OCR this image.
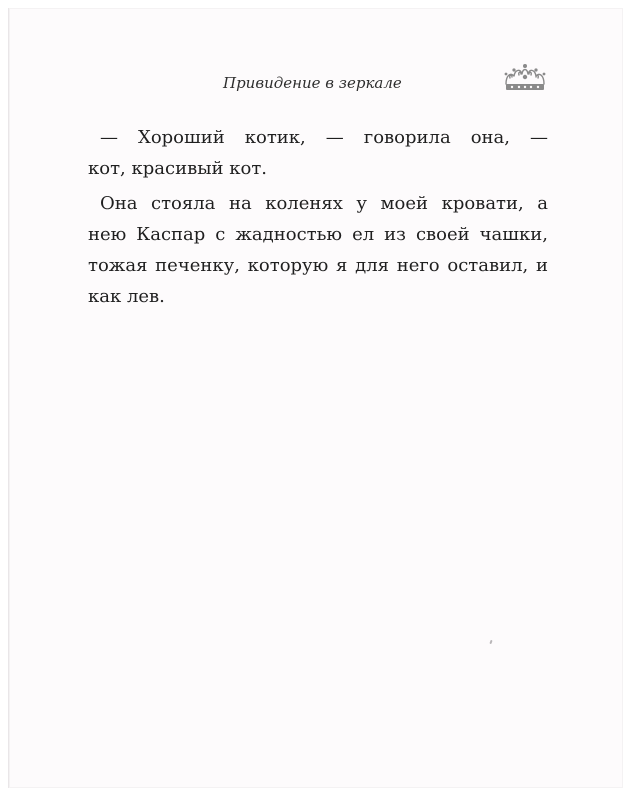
Привидение в зеркале
— Хороший котик, — говорила она, —
кот, красивый кот.
Она стояла на коленях у моей кровати, а
нею Каспар с жадностью ел из своей чашки,
тожая печенку, которую я для него оставил, и
как лев.
